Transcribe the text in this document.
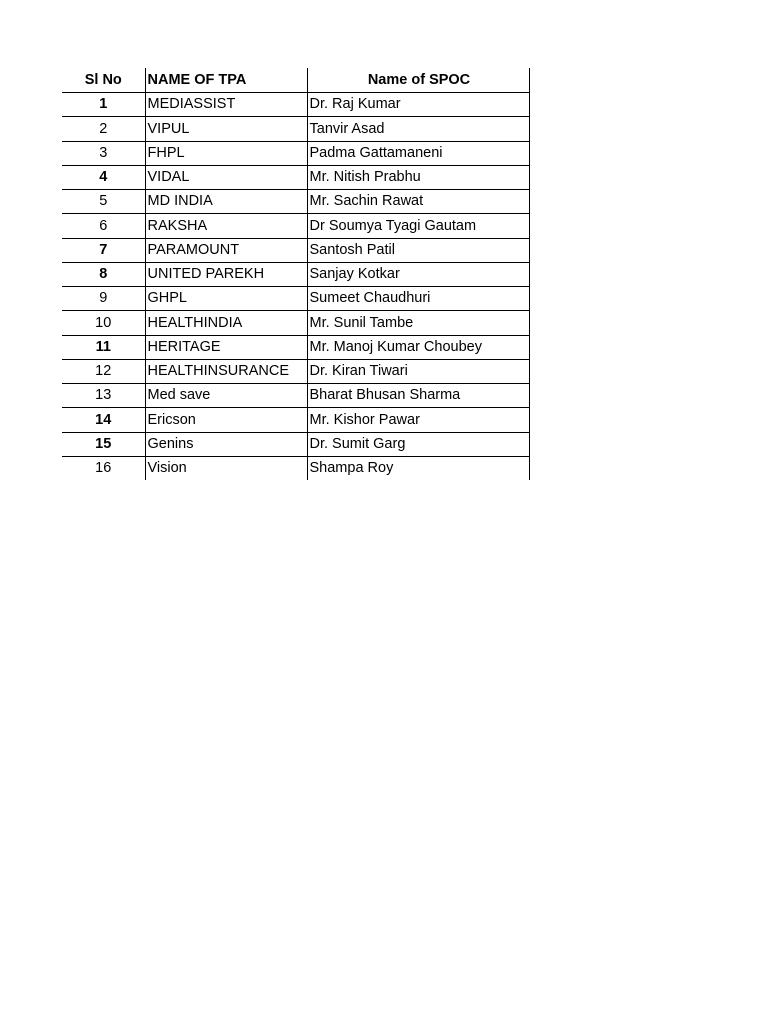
Sl No	NAME OF TPA	Name of SPOC
1	MEDIASSIST	Dr. Raj Kumar
2	VIPUL	Tanvir Asad
3	FHPL	Padma Gattamaneni
4	VIDAL	Mr. Nitish Prabhu
5	MD INDIA	Mr. Sachin Rawat
6	RAKSHA	Dr Soumya Tyagi Gautam
7	PARAMOUNT	Santosh Patil
8	UNITED PAREKH	Sanjay Kotkar
9	GHPL	Sumeet Chaudhuri
10	HEALTHINDIA	Mr. Sunil Tambe
11	HERITAGE	Mr. Manoj Kumar Choubey
12	HEALTHINSURANCE	Dr. Kiran Tiwari
13	Med save	Bharat Bhusan Sharma
14	Ericson	Mr. Kishor Pawar
15	Genins	Dr. Sumit Garg
16	Vision	Shampa Roy
